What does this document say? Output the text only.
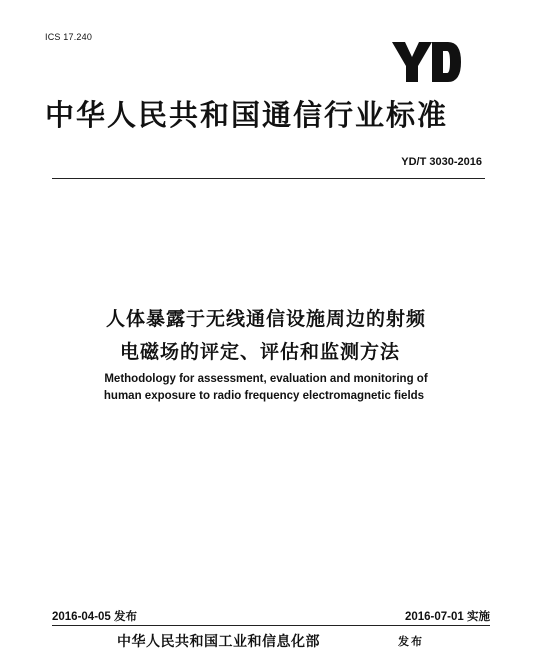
ICS 17.240
中华人民共和国通信行业标准
YD/T 3030-2016
人体暴露于无线通信设施周边的射频
电磁场的评定、评估和监测方法
Methodology for assessment, evaluation and monitoring of
human exposure to radio frequency electromagnetic fields
2016-04-05 发布	2016-07-01 实施
中华人民共和国工业和信息化部	发布
